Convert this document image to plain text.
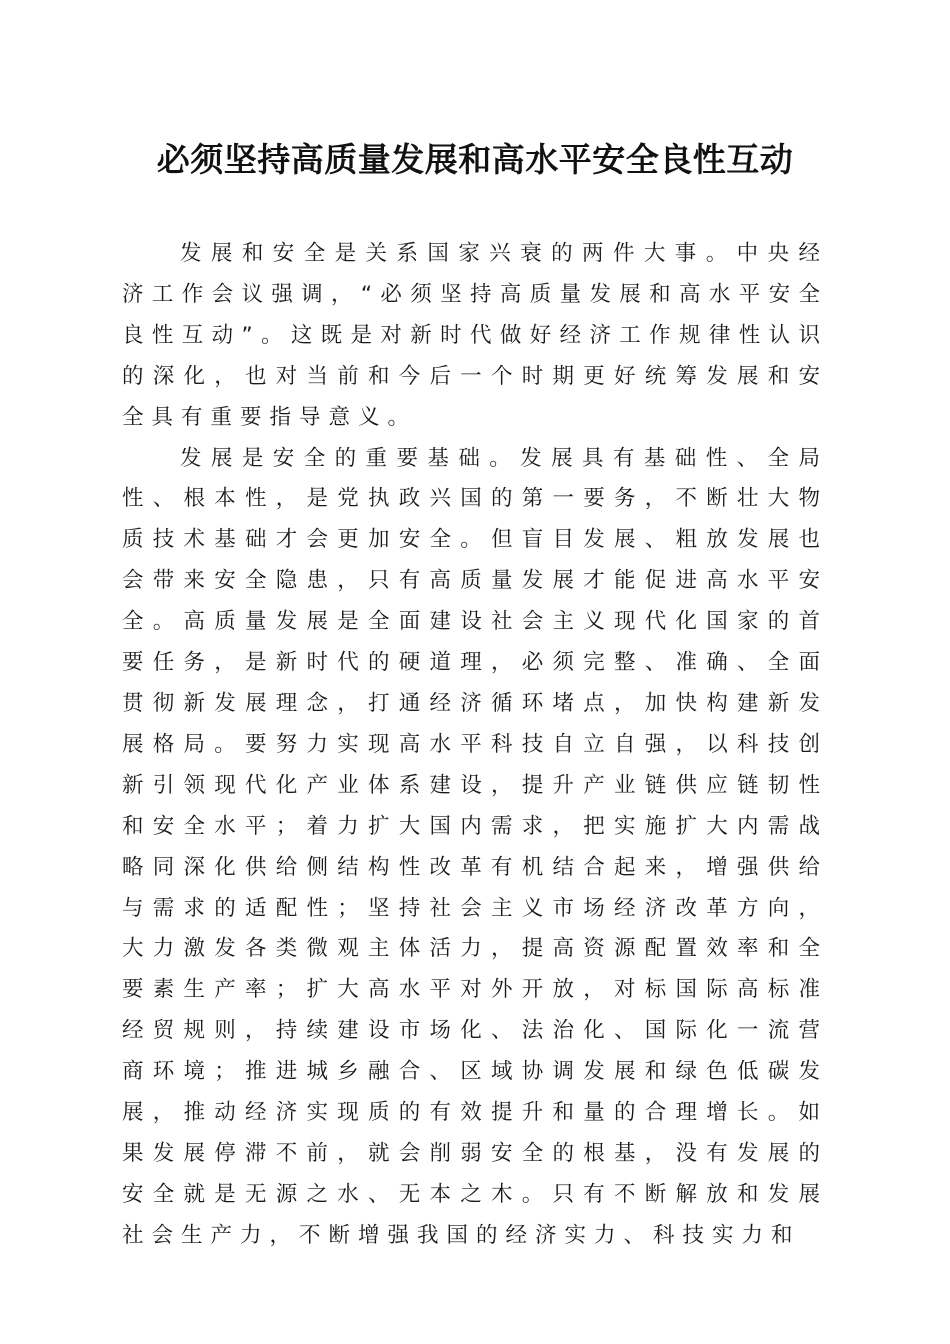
必须坚持高质量发展和高水平安全良性互动

发展和安全是关系国家兴衰的两件大事。中央经济工作会议强调，“必须坚持高质量发展和高水平安全良性互动”。这既是对新时代做好经济工作规律性认识的深化，也对当前和今后一个时期更好统筹发展和安全具有重要指导意义。

发展是安全的重要基础。发展具有基础性、全局性、根本性，是党执政兴国的第一要务，不断壮大物质技术基础才会更加安全。但盲目发展、粗放发展也会带来安全隐患，只有高质量发展才能促进高水平安全。高质量发展是全面建设社会主义现代化国家的首要任务，是新时代的硬道理，必须完整、准确、全面贯彻新发展理念，打通经济循环堵点，加快构建新发展格局。要努力实现高水平科技自立自强，以科技创新引领现代化产业体系建设，提升产业链供应链韧性和安全水平；着力扩大国内需求，把实施扩大内需战略同深化供给侧结构性改革有机结合起来，增强供给与需求的适配性；坚持社会主义市场经济改革方向，大力激发各类微观主体活力，提高资源配置效率和全要素生产率；扩大高水平对外开放，对标国际高标准经贸规则，持续建设市场化、法治化、国际化一流营商环境；推进城乡融合、区域协调发展和绿色低碳发展，推动经济实现质的有效提升和量的合理增长。如果发展停滞不前，就会削弱安全的根基，没有发展的安全就是无源之水、无本之木。只有不断解放和发展社会生产力，不断增强我国的经济实力、科技实力和
